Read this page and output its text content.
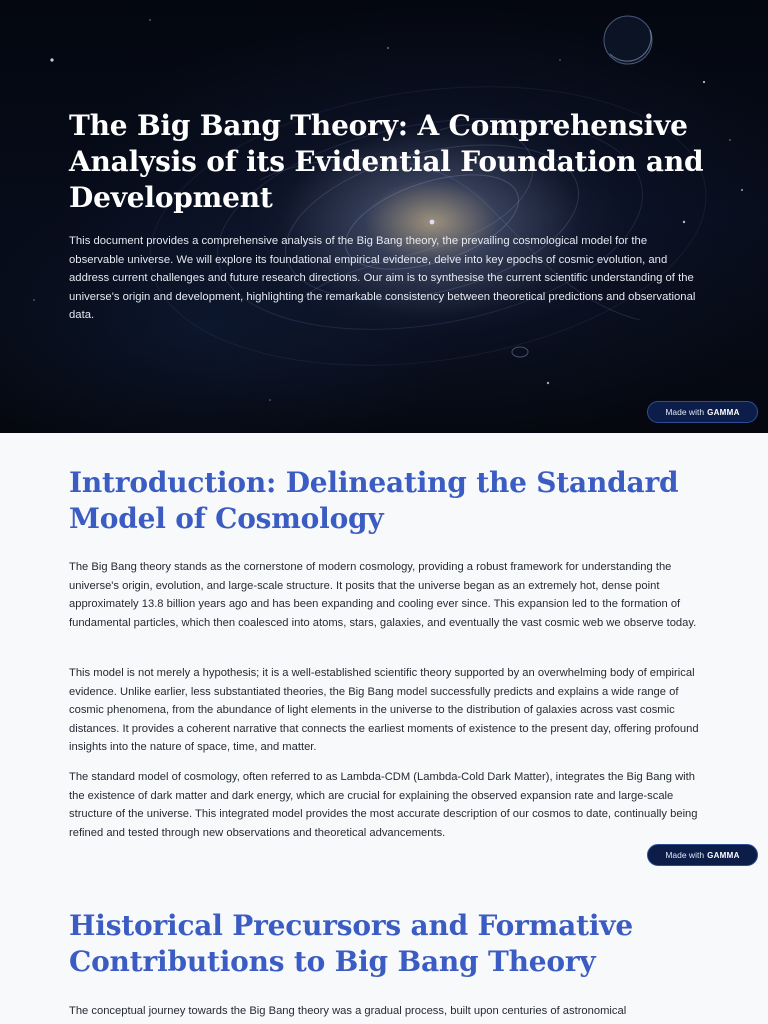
The Big Bang Theory: A Comprehensive Analysis of its Evidential Foundation and Development

This document provides a comprehensive analysis of the Big Bang theory, the prevailing cosmological model for the observable universe. We will explore its foundational empirical evidence, delve into key epochs of cosmic evolution, and address current challenges and future research directions. Our aim is to synthesise the current scientific understanding of the universe's origin and development, highlighting the remarkable consistency between theoretical predictions and observational data.

Made with GAMMA
Introduction: Delineating the Standard Model of Cosmology

The Big Bang theory stands as the cornerstone of modern cosmology, providing a robust framework for understanding the universe's origin, evolution, and large-scale structure. It posits that the universe began as an extremely hot, dense point approximately 13.8 billion years ago and has been expanding and cooling ever since. This expansion led to the formation of fundamental particles, which then coalesced into atoms, stars, galaxies, and eventually the vast cosmic web we observe today.

This model is not merely a hypothesis; it is a well-established scientific theory supported by an overwhelming body of empirical evidence. Unlike earlier, less substantiated theories, the Big Bang model successfully predicts and explains a wide range of cosmic phenomena, from the abundance of light elements in the universe to the distribution of galaxies across vast cosmic distances. It provides a coherent narrative that connects the earliest moments of existence to the present day, offering profound insights into the nature of space, time, and matter.

The standard model of cosmology, often referred to as Lambda-CDM (Lambda-Cold Dark Matter), integrates the Big Bang with the existence of dark matter and dark energy, which are crucial for explaining the observed expansion rate and large-scale structure of the universe. This integrated model provides the most accurate description of our cosmos to date, continually being refined and tested through new observations and theoretical advancements.

Made with GAMMA
Historical Precursors and Formative Contributions to Big Bang Theory

The conceptual journey towards the Big Bang theory was a gradual process, built upon centuries of astronomical
